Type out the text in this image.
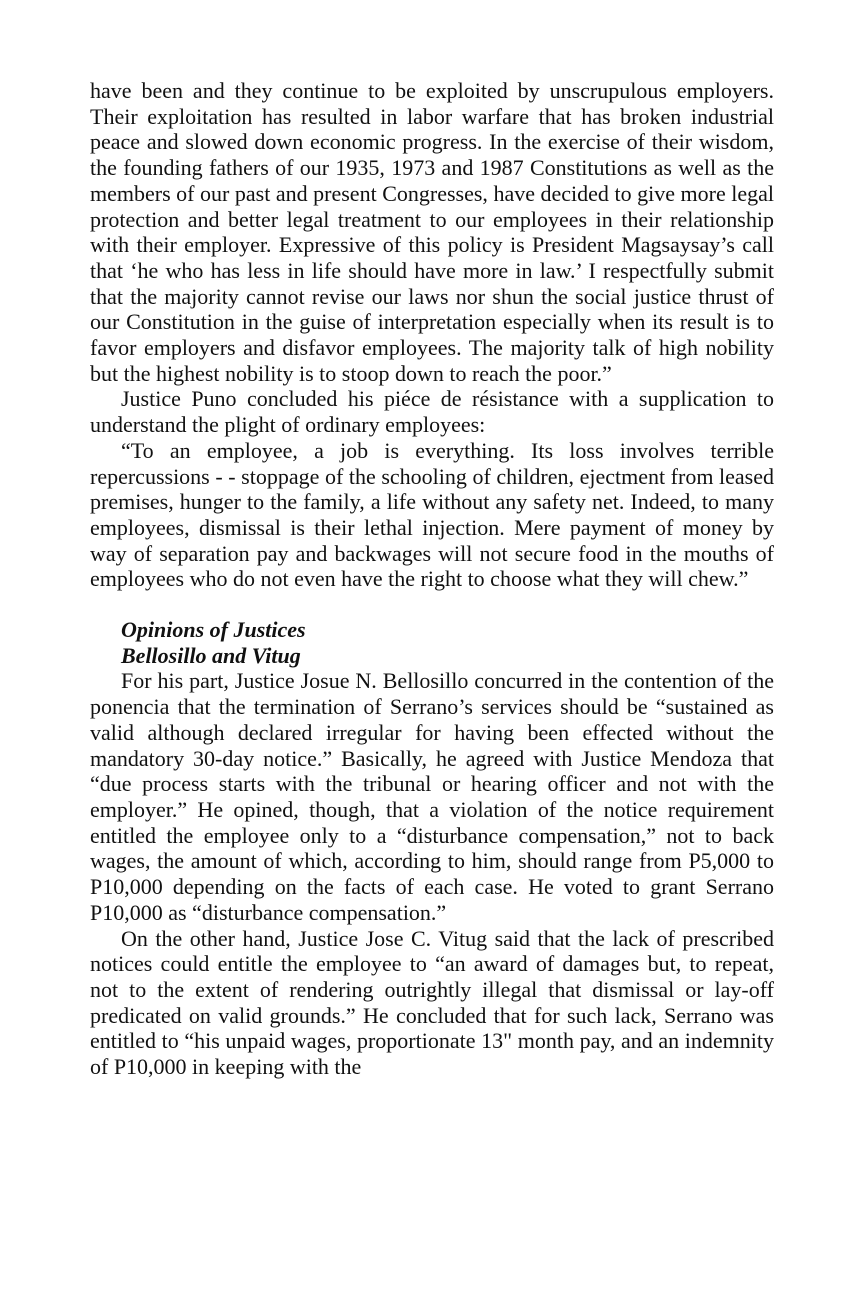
have been and they continue to be exploited by unscrupulous employers. Their exploitation has resulted in labor warfare that has broken industrial peace and slowed down economic progress. In the exercise of their wisdom, the founding fathers of our 1935, 1973 and 1987 Constitutions as well as the members of our past and present Congresses, have decided to give more legal protection and better legal treatment to our employees in their relationship with their employer. Expressive of this policy is President Magsaysay’s call that ‘he who has less in life should have more in law.’ I respectfully submit that the majority cannot revise our laws nor shun the social justice thrust of our Constitution in the guise of interpretation especially when its result is to favor employers and disfavor employees. The majority talk of high nobility but the highest nobility is to stoop down to reach the poor.”

Justice Puno concluded his piéce de résistance with a supplication to understand the plight of ordinary employees:

“To an employee, a job is everything. Its loss involves terrible repercussions - - stoppage of the schooling of children, ejectment from leased premises, hunger to the family, a life without any safety net. Indeed, to many employees, dismissal is their lethal injection. Mere payment of money by way of separation pay and backwages will not secure food in the mouths of employees who do not even have the right to choose what they will chew.”

Opinions of Justices
Bellosillo and Vitug

For his part, Justice Josue N. Bellosillo concurred in the contention of the ponencia that the termination of Serrano’s services should be “sustained as valid although declared irregular for having been effected without the mandatory 30-day notice.” Basically, he agreed with Justice Mendoza that “due process starts with the tribunal or hearing officer and not with the employer.” He opined, though, that a violation of the notice requirement entitled the employee only to a “disturbance compensation,” not to back wages, the amount of which, according to him, should range from P5,000 to P10,000 depending on the facts of each case. He voted to grant Serrano P10,000 as “disturbance compensation.”

On the other hand, Justice Jose C. Vitug said that the lack of prescribed notices could entitle the employee to “an award of damages but, to repeat, not to the extent of rendering outrightly illegal that dismissal or lay-off predicated on valid grounds.” He concluded that for such lack, Serrano was entitled to “his unpaid wages, proportionate 13" month pay, and an indemnity of P10,000 in keeping with the
